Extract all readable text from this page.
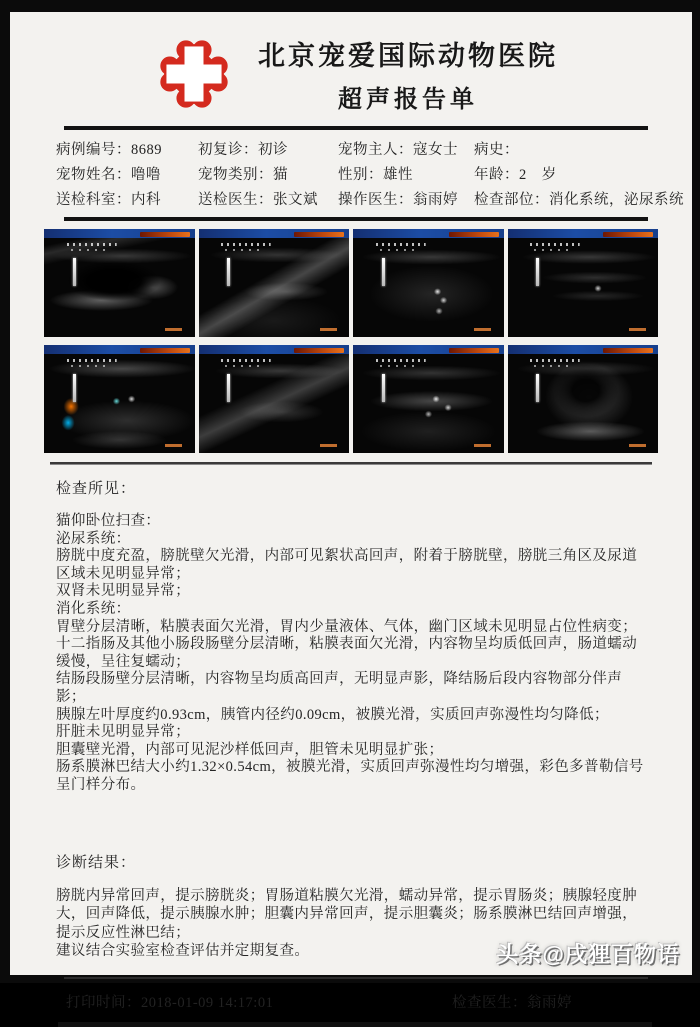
北京宠爱国际动物医院
超声报告单
病例编号：8689	初复诊：初诊	宠物主人：寇女士	病史：
宠物姓名：噜噜	宠物类别：猫	性别：雄性	年龄：2　岁
送检科室：内科	送检医生：张文斌	操作医生：翁雨婷	检查部位：消化系统，泌尿系统
检查所见：
猫仰卧位扫查：
泌尿系统：
膀胱中度充盈，膀胱壁欠光滑，内部可见絮状高回声，附着于膀胱壁，膀胱三角区及尿道区域未见明显异常；
双肾未见明显异常；
消化系统：
胃壁分层清晰，粘膜表面欠光滑，胃内少量液体、气体，幽门区域未见明显占位性病变；
十二指肠及其他小肠段肠壁分层清晰，粘膜表面欠光滑，内容物呈均质低回声，肠道蠕动缓慢，呈往复蠕动；
结肠段肠壁分层清晰，内容物呈均质高回声，无明显声影，降结肠后段内容物部分伴声影；
胰腺左叶厚度约0.93cm，胰管内径约0.09cm，被膜光滑，实质回声弥漫性均匀降低；
肝脏未见明显异常；
胆囊壁光滑，内部可见泥沙样低回声，胆管未见明显扩张；
肠系膜淋巴结大小约1.32×0.54cm，被膜光滑，实质回声弥漫性均匀增强，彩色多普勒信号呈门样分布。
诊断结果：
膀胱内异常回声，提示膀胱炎；胃肠道粘膜欠光滑，蠕动异常，提示胃肠炎；胰腺轻度肿大，回声降低，提示胰腺水肿；胆囊内异常回声，提示胆囊炎；肠系膜淋巴结回声增强，提示反应性淋巴结；
建议结合实验室检查评估并定期复查。
打印时间：2018-01-09 14:17:01	检查医生：翁雨婷
头条@戌狸百物语
